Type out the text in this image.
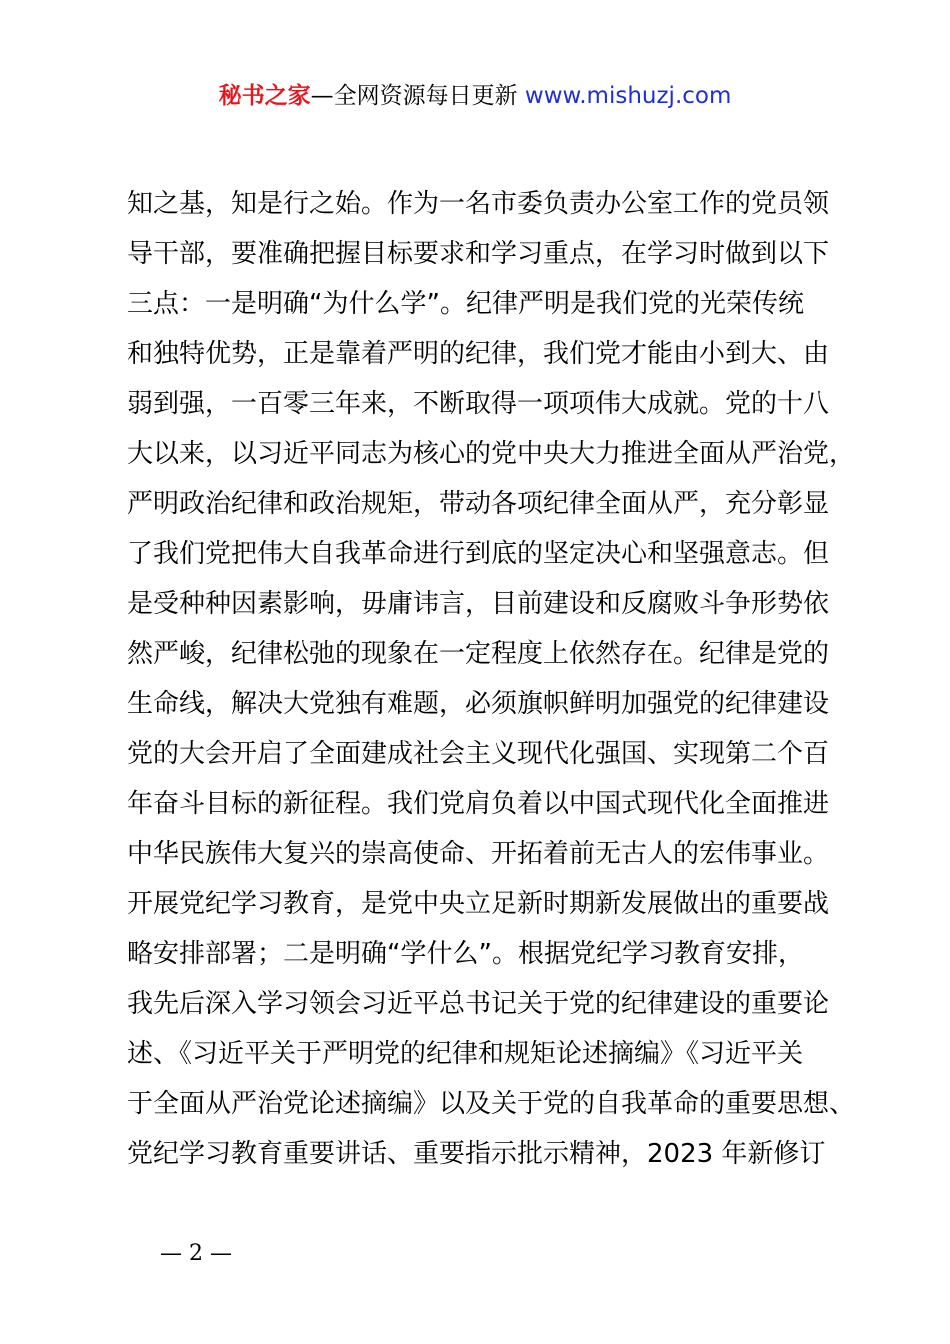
秘书之家—全网资源每日更新 www.mishuzj.com
知之基，知是行之始。作为一名市委负责办公室工作的党员领
导干部，要准确把握目标要求和学习重点，在学习时做到以下
三点：一是明确“为什么学”。纪律严明是我们党的光荣传统
和独特优势，正是靠着严明的纪律，我们党才能由小到大、由
弱到强，一百零三年来，不断取得一项项伟大成就。党的十八
大以来，以习近平同志为核心的党中央大力推进全面从严治党，
严明政治纪律和政治规矩，带动各项纪律全面从严，充分彰显
了我们党把伟大自我革命进行到底的坚定决心和坚强意志。但
是受种种因素影响，毋庸讳言，目前建设和反腐败斗争形势依
然严峻，纪律松弛的现象在一定程度上依然存在。纪律是党的
生命线，解决大党独有难题，必须旗帜鲜明加强党的纪律建设
党的大会开启了全面建成社会主义现代化强国、实现第二个百
年奋斗目标的新征程。我们党肩负着以中国式现代化全面推进
中华民族伟大复兴的崇高使命、开拓着前无古人的宏伟事业。
开展党纪学习教育，是党中央立足新时期新发展做出的重要战
略安排部署；二是明确“学什么”。根据党纪学习教育安排，
我先后深入学习领会习近平总书记关于党的纪律建设的重要论
述、《习近平关于严明党的纪律和规矩论述摘编》《习近平关
于全面从严治党论述摘编》以及关于党的自我革命的重要思想、
党纪学习教育重要讲话、重要指示批示精神，2023 年新修订
— 2 —
